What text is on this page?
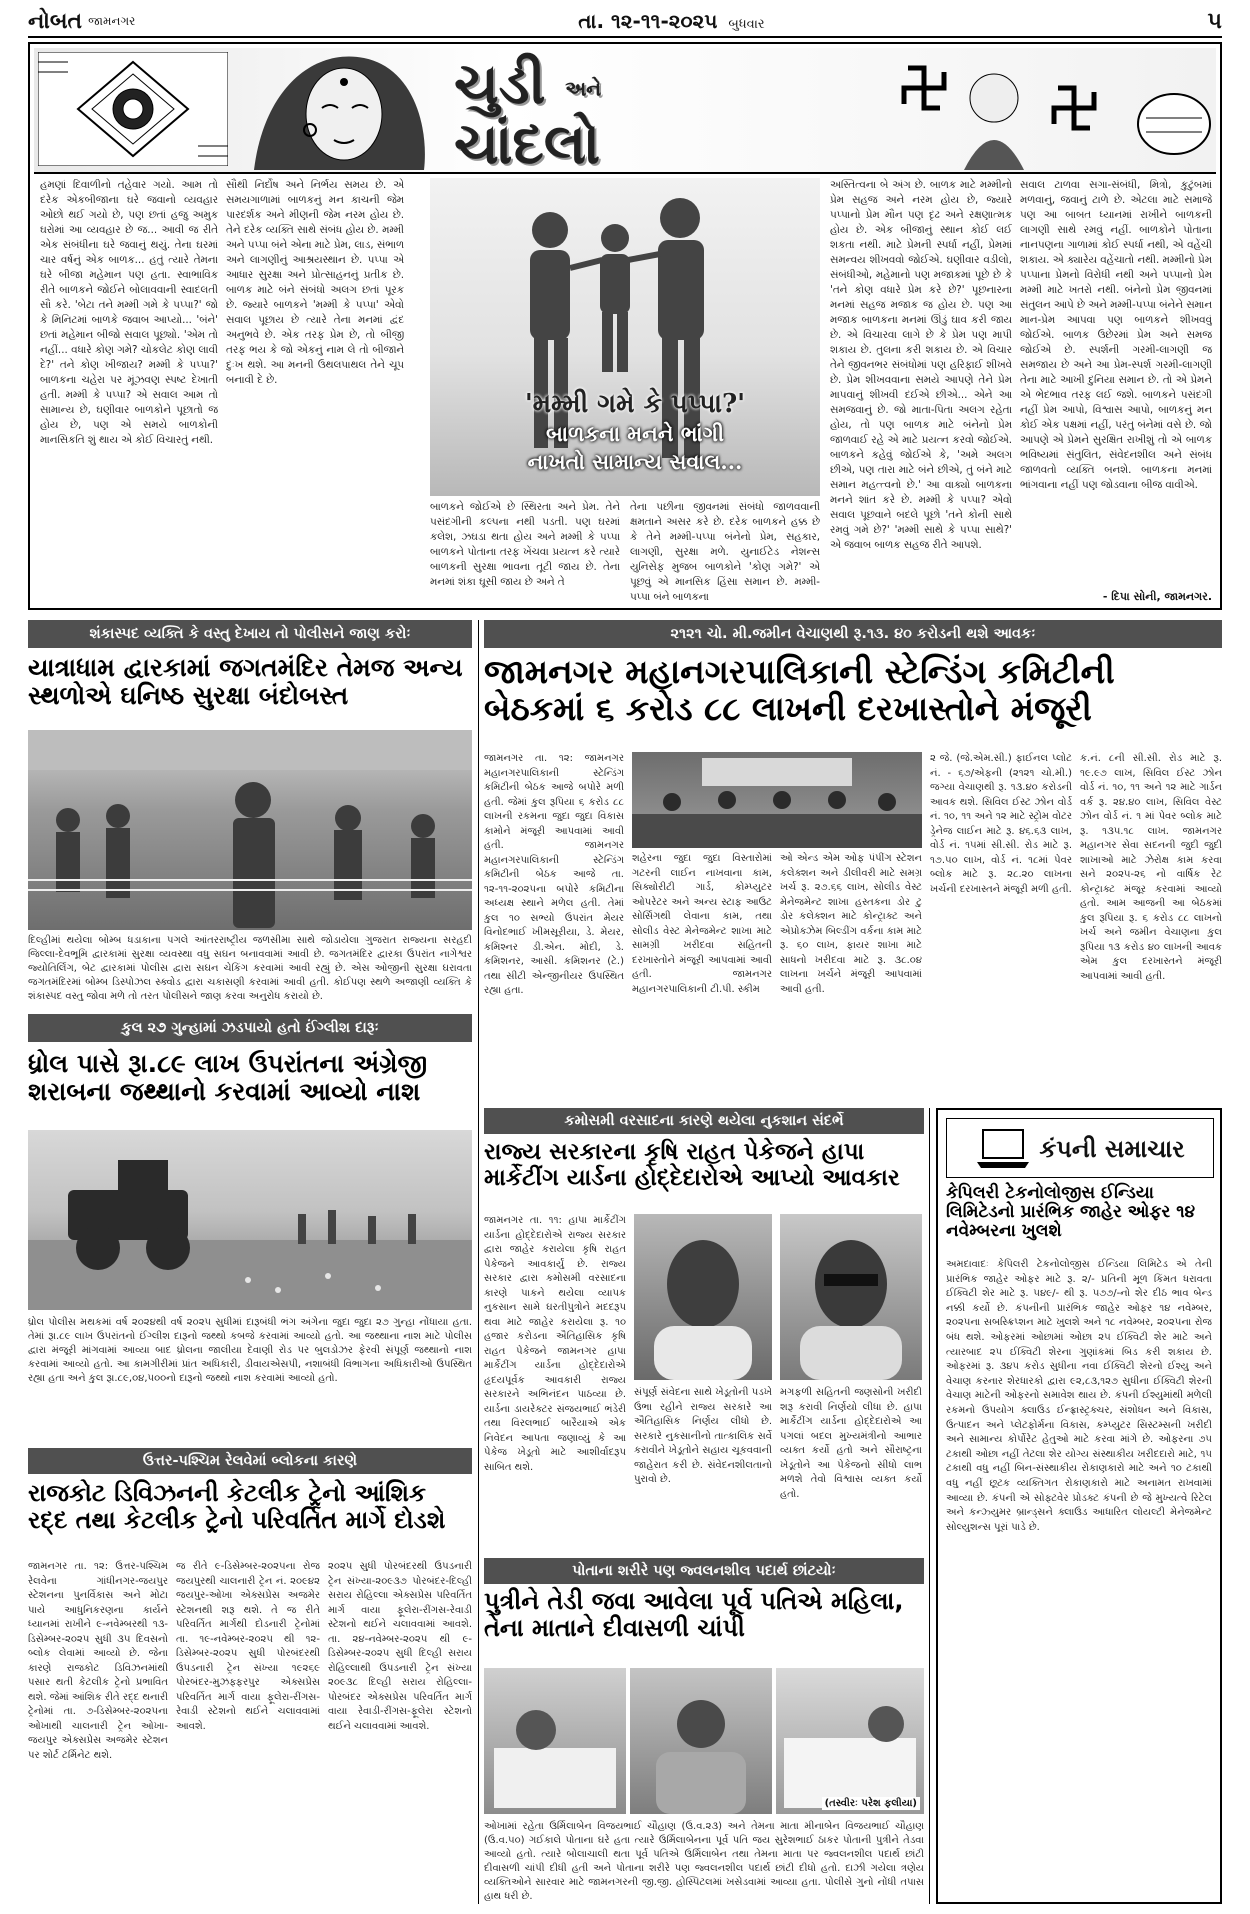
નોબત જામનગર	તા. ૧૨-૧૧-૨૦૨૫ બુધવાર	૫
ચુડી અને
ચાંદલો
હમણાં દિવાળીનો તહેવાર ગયો. આમ તો દરેક એકબીજાના ઘરે જવાનો વ્યવહાર ઓછો થઈ ગયો છે, પણ છતાં હજુ અમુક ઘરોમાં આ વ્યવહાર છે જ... આવી જ રીતે એક સંબંધીના ઘરે જવાનું થયું. તેના ઘરમાં ચાર વર્ષનું એક બાળક... હતું ત્યારે તેમના ઘરે બીજા મહેમાન પણ હતા. સ્વાભાવિક રીતે બાળકને જોઈને બોલાવવાની સ્વાદલતી સૌ કરે. 'બેટા તને મમ્મી ગમે કે પપ્પા?' જો કે મિનિટમાં બાળકે જવાબ આપ્યો... 'બંને' છતાં મહેમાન બીજો સવાલ પૂછ્યો. 'એમ તો નહીં... વધારે કોણ ગમે? ચોકલેટ કોણ લાવી દે?' તને કોણ ખીજાય? મમ્મી કે પપ્પા?' બાળકના ચહેરા પર મૂંઝવણ સ્પષ્ટ દેખાતી હતી. મમ્મી કે પપ્પા? એ સવાલ આમ તો સામાન્ય છે, ઘણીવાર બાળકોને પૂછાતો જ હોય છે, પણ એ સમયે બાળકોની માનસિકતિ શું થાય એ કોઈ વિચારતું નથી.
સૌથી નિર્દોષ અને નિર્ભય સમય છે. એ સમયગાળામાં બાળકનું મન કાચની જેમ પારદર્શક અને મીણની જેમ નરમ હોય છે. તેને દરેક વ્યક્તિ સાથે સંબંધ હોય છે. મમ્મી અને પપ્પા બંને એના માટે પ્રેમ, લાડ, સંભાળ અને લાગણીનું આશ્રયસ્થાન છે. પપ્પા એ આધાર સુરક્ષા અને પ્રોત્સાહનનું પ્રતીક છે. બાળક માટે બંને સંબંધો અલગ છતાં પૂરક છે. જ્યારે બાળકને 'મમ્મી કે પપ્પા' એવો સવાલ પૂછાય છે ત્યારે તેના મનમાં દ્વંદ અનુભવે છે. એક તરફ પ્રેમ છે, તો બીજી તરફ ભય કે જો એકનું નામ લે તો બીજાને દુઃખ થશે. આ મનની ઉથલપાથલ તેને ચૂપ બનાવી દે છે.
'મમ્મી ગમે કે પપ્પા?'
બાળકના મનને ભાંગી
નાખતો સામાન્ય સવાલ...
બાળકને જોઈએ છે સ્થિરતા અને પ્રેમ. તેને પસંદગીની કલ્પના નથી પડતી. પણ ઘરમાં કલેશ, ઝઘડા થતા હોય અને મમ્મી કે પપ્પા બાળકને પોતાના તરફ ખેંચવા પ્રયત્ન કરે ત્યારે બાળકની સુરક્ષા ભાવના તૂટી જાય છે. તેના મનમાં શંકા ઘૂસી જાય છે અને તે
તેના પછીના જીવનમાં સંબંધો જાળવવાની ક્ષમતાને અસર કરે છે. દરેક બાળકને હક્ક છે કે તેને મમ્મી-પપ્પા બંનેનો પ્રેમ, સહકાર, લાગણી, સુરક્ષા મળે. યુનાઈટેડ નેશન્સ યુનિસેફ મુજબ બાળકોને 'કોણ ગમે?' એ પૂછવું એ માનસિક હિંસા સમાન છે. મમ્મી-પપ્પા બંને બાળકના
અસ્તિત્વના બે અંગ છે. બાળક માટે મમ્મીનો પ્રેમ સહજ અને નરમ હોય છે, જ્યારે પપ્પાનો પ્રેમ મૌન પણ દૃઢ અને રક્ષણાત્મક હોય છે. એક બીજાનું સ્થાન કોઈ લઈ શકતા નથી. માટે પ્રેમની સ્પર્ધા નહીં, પ્રેમમાં સમન્વય શીખવવો જોઈએ. ઘણીવાર વડીલો, સંબંધીઓ, મહેમાનો પણ મજાકમાં પૂછે છે કે 'તને કોણ વધારે પ્રેમ કરે છે?' પૂછનારના મનમાં સહજ મજાક જ હોય છે. પણ આ મજાક બાળકના મનમાં ઊંડું ઘાવ કરી જાય છે. એ વિચારવા લાગે છે કે પ્રેમ પણ માપી શકાય છે. તુલના કરી શકાય છે. એ વિચાર તેને જીવનભર સંબંધોમાં પણ હરિફાઈ શીખવે છે. પ્રેમ શીખવવાના સમયે આપણે તેને પ્રેમ માપવાનું શીખવી દઈએ છીએ... એને આ સમજવાનું છે. જો માતા-પિતા અલગ રહેતા હોય, તો પણ બાળક માટે બંનેનો પ્રેમ જાળવાઈ રહે એ માટે પ્રયત્ન કરવો જોઈએ. બાળકને કહેવું જોઈએ કે, 'અમે અલગ છીએ, પણ તારા માટે બંને છીએ, તું બંને માટે સમાન મહત્ત્વનો છે.' આ વાક્યો બાળકના મનને શાંત કરે છે. મમ્મી કે પપ્પા? એવો સવાલ પૂછવાને બદલે પૂછો 'તને કોની સાથે રમવું ગમે છે?' 'મમ્મી સાથે કે પપ્પા સાથે?' એ જવાબ બાળક સહજ રીતે આપશે.
સવાલ ટાળવા સગા-સંબંધી, મિત્રો, કુટુંબમાં મળવાનું, જવાનું ટાળે છે. એટલા માટે સમાજે પણ આ બાબત ધ્યાનમાં રાખીને બાળકની લાગણી સાથે રમવું નહીં. બાળકોને પોતાના નાનપણના ગાળામાં કોઈ સ્પર્ધા નથી, એ વહેંચી શકાય. એ ક્યારેય વહેંચાતો નથી. મમ્મીનો પ્રેમ પપ્પાના પ્રેમનો વિરોધી નથી અને પપ્પાનો પ્રેમ મમ્મી માટે ખતરો નથી. બંનેનો પ્રેમ જીવનમાં સંતુલન આપે છે અને મમ્મી-પપ્પા બંનેને સમાન માન-પ્રેમ આપવા પણ બાળકને શીખવવું જોઈએ. બાળક ઉછેરમાં પ્રેમ અને સમજ જોઈએ છે. સ્પર્શની ગરમી-લાગણી જ સમજાય છે અને આ પ્રેમ-સ્પર્શ ગરમી-લાગણી તેના માટે આખી દુનિયા સમાન છે. તો એ પ્રેમને એ ભેદભાવ તરફ લઈ જશે. બાળકને પસંદગી નહીં પ્રેમ આપો, વિશ્વાસ આપો, બાળકનું મન કોઈ એક પક્ષમાં નહીં, પરંતુ બંનેમાં વસે છે. જો આપણે એ પ્રેમને સુરક્ષિત રાખીશું તો એ બાળક ભવિષ્યમાં સંતુલિત, સંવેદનશીલ અને સંબંધ જાળવતો વ્યક્તિ બનશે. બાળકના મનમાં ભાંગવાના નહીં પણ જોડવાના બીજ વાવીએ.
- દિપા સોની, જામનગર.
શંકાસ્પદ વ્યક્તિ કે વસ્તુ દેખાય તો પોલીસને જાણ કરોઃ
યાત્રાધામ દ્વારકામાં જગતમંદિર તેમજ અન્ય સ્થળોએ ઘનિષ્ઠ સુરક્ષા બંદોબસ્ત
દિલ્હીમાં થયેલા બોમ્બ ધડાકાના પગલે આંતરરાષ્ટ્રીય જળસીમા સાથે જોડાયેલા ગુજરાત રાજ્યના સરહદી જિલ્લા-દેવભૂમિ દ્વારકામાં સુરક્ષા વ્યવસ્થા વધુ સઘન બનાવવામાં આવી છે. જગતમંદિર દ્વારકા ઉપરાંત નાગેશ્વર જ્યોતિર્લિંગ, બેટ દ્વારકામાં પોલીસ દ્વારા સઘન ચેકિંગ કરવામાં આવી રહ્યું છે. એસ ઓજીની સુરક્ષા ઘરાવતા જગતમંદિરમાં બોમ્બ ડિસ્પોઝલ સ્ક્વોડ દ્વારા ચકાસણી કરવામાં આવી હતી. કોઈપણ સ્થળે અજાણી વ્યક્તિ કે શંકાસ્પદ વસ્તુ જોવા મળે તો તરત પોલીસને જાણ કરવા અનુરોધ કરાયો છે.
કુલ ૨૭ ગુન્હામાં ઝડપાયો હતો ઈંગ્લીશ દારૂઃ
ધ્રોલ પાસે રૂા.૮૯ લાખ ઉપરાંતના અંગ્રેજી શરાબના જથ્થાનો કરવામાં આવ્યો નાશ
ધ્રોલ પોલીસ મથકમાં વર્ષ ૨૦૨૪થી વર્ષ ૨૦૨૫ સુધીમાં દારૂબંધી ભંગ અંગેના જુદા જુદા ૨૭ ગુન્હા નોંધાયા હતા. તેમાં રૂા.૮૯ લાખ ઉપરાંતનો ઈંગ્લીશ દારૂનો જથ્થો કબજે કરવામાં આવ્યો હતો. આ જથ્થાના નાશ માટે પોલીસ દ્વારા મંજૂરી માંગવામાં આવ્યા બાદ ધ્રોલના જાલીયા દેવાણી રોડ પર બુલડોઝર ફેરવી સંપૂર્ણ જથ્થાનો નાશ કરવામાં આવ્યો હતો. આ કામગીરીમાં પ્રાંત અધિકારી, ડીવાયએસપી, નશાબંધી વિભાગના અધિકારીઓ ઉપસ્થિત રહ્યા હતા અને કુલ રૂા.૮૯,૦૪,૫૦૦નો દારૂનો જથ્થો નાશ કરવામાં આવ્યો હતો.
ઉત્તર-પશ્ચિમ રેલવેમાં બ્લોકના કારણે
રાજકોટ ડિવિઝનની કેટલીક ટ્રેનો આંશિક રદ્દ તથા કેટલીક ટ્રેનો પરિવર્તિત માર્ગે દોડશે
જામનગર તા. ૧૨: ઉત્તર-પશ્ચિમ રેલવેના ગાંધીનગર-જયપુર સ્ટેશનના પુનર્વિકાસ અને મોટા પાયે આધુનિકરણના કાર્યને ધ્યાનમાં રાખીને ૯-નવેમ્બરથી ૧૩-ડિસેમ્બર-૨૦૨૫ સુધી ૩૫ દિવસનો બ્લોક લેવામાં આવ્યો છે. જેના કારણે રાજકોટ ડિવિઝનમાંથી પસાર થતી કેટલીક ટ્રેનો પ્રભાવિત થશે. જેમાં આંશિક રીતે રદ્દ થનારી ટ્રેનોમાં તા. ૭-ડિસેમ્બર-૨૦૨૫ના ઓખાથી ચાલનારી ટ્રેન ઓખા-જયપુર એક્સપ્રેસ અજમેર સ્ટેશન પર શોર્ટ ટર્મિનેટ થશે.
જ રીતે ૯-ડિસેમ્બર-૨૦૨૫ના રોજ જયપુરથી ચાલનારી ટ્રેન નં. ૨૦૯૪૨ જયપુર-ઓખા એક્સપ્રેસ અજમેર સ્ટેશનથી શરૂ થશે. તે જ રીતે પરિવર્તિત માર્ગથી દોડનારી ટ્રેનોમાં તા. ૧૯-નવેમ્બર-૨૦૨૫ થી ૧૨-ડિસેમ્બર-૨૦૨૫ સુધી પોરબંદરથી ઉપડનારી ટ્રેન સંખ્યા ૧૯૨૬૯ પોરબંદર-મુઝફ્ફરપુર એક્સપ્રેસ પરિવર્તિત માર્ગ વાયા ફૂલેરા-રીંગસ-રેવાડી સ્ટેશનો થઈને ચલાવવામાં આવશે.
૨૦૨૫ સુધી પોરબંદરથી ઉપડનારી ટ્રેન સંખ્યા-૨૦૯૩૭ પોરબંદર-દિલ્હી સરાય રોહિલ્લા એક્સપ્રેસ પરિવર્તિત માર્ગ વાયા ફૂલેરા-રીંગસ-રેવાડી સ્ટેશનો થઈને ચલાવવામાં આવશે. તા. ૨૪-નવેમ્બર-૨૦૨૫ થી ૯-ડિસેમ્બર-૨૦૨૫ સુધી દિલ્હી સરાય રોહિલ્લાથી ઉપડનારી ટ્રેન સંખ્યા ૨૦૯૩૮ દિલ્હી સરાય રોહિલ્લા-પોરબંદર એક્સપ્રેસ પરિવર્તિત માર્ગ વાયા રેવાડી-રીંગસ-ફૂલેરા સ્ટેશનો થઈને ચલાવવામાં આવશે.
૨૧૨૧ ચો. મી.જમીન વેચાણથી રૂ.૧૩. ૪૦ કરોડની થશે આવકઃ
જામનગર મહાનગરપાલિકાની સ્ટેન્ડિંગ કમિટીની બેઠકમાં ૬ કરોડ ૮૮ લાખની દરખાસ્તોને મંજૂરી
જામનગર તા. ૧૨: જામનગર મહાનગરપાલિકાની સ્ટેન્ડિંગ કમિટીની બેઠક આજે બપોરે મળી હતી. જેમાં કુલ રૂપિયા ૬ કરોડ ૮૮ લાખની રકમના જુદા જુદા વિકાસ કામોને મંજૂરી આપવામાં આવી હતી. જામનગર મહાનગરપાલિકાની સ્ટેન્ડિંગ કમિટીની બેઠક આજે તા. ૧૨-૧૧-૨૦૨૫ના બપોરે કમિટીના અધ્યક્ષ સ્થાને મળેલ હતી. તેમાં કુલ ૧૦ સભ્યો ઉપરાંત મેયર વિનોદભાઈ ખીમસૂરીયા, ડે. મેયર, કમિશ્નર ડી.એન. મોદી, ડે. કમિશનર, આસી. કમિશનર (ટે.) તથા સીટી એન્જીનીયર ઉપસ્થિત રહ્યા હતા.
શહેરના જુદા જુદા વિસ્તારોમાં ગટરની લાઈન નાખવાના કામ, સિક્યોરીટી ગાર્ડ, કોમ્પ્યુટર ઓપરેટર અને અન્ય સ્ટાફ આઉટ સોર્સિંગથી લેવાના કામ, તથા સોલીડ વેસ્ટ મેનેજમેન્ટ શાખા માટે સામગ્રી ખરીદવા સહિતની દરખાસ્તોને મંજૂરી આપવામાં આવી હતી. જામનગર મહાનગરપાલિકાની ટી.પી. સ્કીમ
ઓ એન્ડ એમ ઓફ પંપીંગ સ્ટેશન કલેક્શન અને ડીલીવરી માટે સમગ્ર ખર્ચ રૂ. ૨૭.૬૬ લાખ, સોલીડ વેસ્ટ મેનેજમેન્ટ શાખા હસ્તકના ડોર ટુ ડોર કલેક્શન માટે કોન્ટ્રાક્ટ અને એપ્રોક્ઝેમ બિલ્ડીંગ વર્કના કામ માટે રૂ. ૬૦ લાખ, ફાયર શાખા માટે સાધનો ખરીદવા માટે રૂ. ૩૮.૦૪ લાખના ખર્ચને મંજૂરી આપવામાં આવી હતી.
૨ જે. (જે.એમ.સી.) ફાઈનલ પ્લોટ નં. - ૬૭/એફની (૨૧૨૧ ચો.મી.) જગ્યા વેચાણથી રૂ. ૧૩.૪૦ કરોડની આવક થશે. સિવિલ ઈસ્ટ ઝોન વોર્ડ નં. ૧૦, ૧૧ અને ૧૨ માટે સ્ટ્રોમ વોટર ડ્રેનેજ લાઈન માટે રૂ. ૪૬.૬૩ લાખ, વોર્ડ નં. ૧૫માં સી.સી. રોડ માટે રૂ. ૧૭.૫૦ લાખ, વોર્ડ નં. ૧૮માં પેવર બ્લોક માટે રૂ. ૨૮.૨૦ લાખના ખર્ચની દરખાસ્તને મંજૂરી મળી હતી.
ક.નં. ૮ની સી.સી. રોડ માટે રૂ. ૧૯.૯૭ લાખ, સિવિલ ઈસ્ટ ઝોન વોર્ડ નં. ૧૦, ૧૧ અને ૧૨ માટે ગાર્ડન વર્ક રૂ. ૨૪.૪૦ લાખ, સિવિલ વેસ્ટ ઝોન વોર્ડ નં. ૧ માં પેવર બ્લોક માટે રૂ. ૧૩૫.૧૮ લાખ. જામનગર મહાનગર સેવા સદનની જુદી જુદી શાખાઓ માટે ઝેરોક્ષ કામ કરવા સને ૨૦૨૫-૨૬ નો વાર્ષિક રેટ કોન્ટ્રાક્ટ મંજૂર કરવામાં આવ્યો હતો. આમ આજની આ બેઠકમાં કુલ રૂપિયા રૂ. ૬ કરોડ ૮૮ લાખનો ખર્ચ અને જમીન વેચાણના કુલ રૂપિયા ૧૩ કરોડ ૪૦ લાખની આવક એમ કુલ દરખાસ્તને મંજૂરી આપવામાં આવી હતી.
કમોસમી વરસાદના કારણે થયેલા નુકશાન સંદર્ભે
રાજ્ય સરકારના કૃષિ રાહત પેકેજને હાપા માર્કેટીંગ યાર્ડના હોદ્દેદારોએ આપ્યો આવકાર
જામનગર તા. ૧૧: હાપા માર્કેટીંગ યાર્ડના હોદ્દેદારોએ રાજ્ય સરકાર દ્વારા જાહેર કરાયેલા કૃષિ રાહત પેકેજને આવકાર્યું છે. રાજ્ય સરકાર દ્વારા કમોસમી વરસાદના કારણે પાકને થયેલા વ્યાપક નુકસાન સામે ઘરતીપુત્રોને મદદરૂપ થવા માટે જાહેર કરાયેલા રૂ. ૧૦ હજાર કરોડના ઐતિહાસિક કૃષિ રાહત પેકેજને જામનગર હાપા માર્કેટીંગ યાર્ડના હોદ્દેદારોએ હૃદયપૂર્વક આવકારી રાજ્ય સરકારને અભિનંદન પાઠવ્યા છે. યાર્ડના ડાયરેક્ટર સંજયભાઈ ભંડેરી તથા વિરલભાઈ બારૈયાએ એક નિવેદન આપતા જણાવ્યું કે આ પેકેજ ખેડૂતો માટે આશીર્વાદરૂપ સાબિત થશે.
સંપૂર્ણ સંવેદના સાથે ખેડૂતોની પડખે ઉભા રહીને રાજ્ય સરકારે આ ઐતિહાસિક નિર્ણય લીધો છે. સરકારે નુકસાનીનો તાત્કાલિક સર્વે કરાવીને ખેડૂતોને સહાય ચૂકવવાની જાહેરાત કરી છે. સંવેદનશીલતાનો પુરાવો છે.
મગફળી સહિતની જણસોની ખરીદી શરૂ કરાવી નિર્ણયો લીધા છે. હાપા માર્કેટીંગ યાર્ડના હોદ્દેદારોએ આ પગલાં બદલ મુખ્યમંત્રીનો આભાર વ્યક્ત કર્યો હતો અને સૌરાષ્ટ્રના ખેડૂતોને આ પેકેજનો સીધો લાભ મળશે તેવો વિશ્વાસ વ્યક્ત કર્યો હતો.
કંપની સમાચાર
કેપિલરી ટેકનોલોજીસ ઈન્ડિયા લિમિટેડનો પ્રારંભિક જાહેર ઓફર ૧૪ નવેમ્બરના ખુલશે
અમદાવાદઃ કેપિલરી ટેકનોલોજીસ ઈન્ડિયા લિમિટેડ એ તેની પ્રારંભિક જાહેર ઓફર માટે રૂ. ૨/- પ્રતિની મૂળ કિંમત ધરાવતા ઈક્વિટી શેર માટે રૂ. ૫૪૯/- થી રૂ. ૫૭૭/-નો શેર દીઠ ભાવ બેન્ડ નક્કી કર્યો છે. કંપનીની પ્રારંભિક જાહેર ઓફર ૧૪ નવેમ્બર, ૨૦૨૫ના સબસ્ક્રિપ્શન માટે ખુલશે અને ૧૮ નવેમ્બર, ૨૦૨૫ના રોજ બંધ થશે. ઓફરમાં ઓછામાં ઓછા ૨૫ ઈક્વિટી શેર માટે અને ત્યારબાદ ૨૫ ઈક્વિટી શેરના ગુણાંકમાં બિડ કરી શકાય છે. ઓફરમાં રૂ. ૩૪૫ કરોડ સુધીના નવા ઈક્વિટી શેરનો ઈશ્યુ અને વેચાણ કરનાર શેરધારકો દ્વારા ૯૨,૮૩,૧૨૭ સુધીના ઈક્વિટી શેરની વેચાણ માટેની ઓફરનો સમાવેશ થાય છે. કંપની ઈશ્યુમાંથી મળેલી રકમનો ઉપયોગ ક્લાઉડ ઈન્ફ્રાસ્ટ્રક્ચર, સંશોધન અને વિકાસ, ઉત્પાદન અને પ્લેટફોર્મના વિકાસ, કમ્પ્યુટર સિસ્ટમ્સની ખરીદી અને સામાન્ય કોર્પોરેટ હેતુઓ માટે કરવા માંગે છે. ઓફરના ૭૫ ટકાથી ઓછા નહીં તેટલા શેર યોગ્ય સંસ્થાકીય ખરીદદારો માટે, ૧૫ ટકાથી વધુ નહીં બિન-સંસ્થાકીય રોકાણકારો માટે અને ૧૦ ટકાથી વધુ નહીં છૂટક વ્યક્તિગત રોકાણકારો માટે અનામત રાખવામાં આવ્યા છે. કંપની એ સોફ્ટવેર પ્રોડક્ટ કંપની છે જે મુખ્યત્વે રિટેલ અને કન્ઝ્યુમર બ્રાન્ડ્સને ક્લાઉડ આધારિત લોયલ્ટી મેનેજમેન્ટ સોલ્યુશન્સ પૂરાં પાડે છે.
પોતાના શરીરે પણ જ્વલનશીલ પદાર્થ છાંટયોઃ
પુત્રીને તેડી જવા આવેલા પૂર્વ પતિએ મહિલા, તેના માતાને દીવાસળી ચાંપી
(તસ્વીરઃ પરેશ ફલીયા)
ઓખામાં રહેતા ઉર્મિલાબેન વિજયભાઈ ચૌહાણ (ઉ.વ.૨૩) અને તેમના માતા મીનાબેન વિજયભાઈ ચૌહાણ (ઉ.વ.૫૦) ગઈકાલે પોતાના ઘરે હતા ત્યારે ઉર્મિલાબેનના પૂર્વ પતિ જય સુરેશભાઈ ઠાકર પોતાની પુત્રીને તેડવા આવ્યો હતો. ત્યારે બોલાચાલી થતા પૂર્વ પતિએ ઉર્મિલાબેન તથા તેમના માતા પર જ્વલનશીલ પદાર્થ છાંટી દીવાસળી ચાંપી દીધી હતી અને પોતાના શરીરે પણ જ્વલનશીલ પદાર્થ છાંટી દીધો હતો. દાઝી ગયેલા ત્રણેય વ્યક્તિઓને સારવાર માટે જામનગરની જી.જી. હોસ્પિટલમાં ખસેડવામાં આવ્યા હતા. પોલીસે ગુનો નોંધી તપાસ હાથ ધરી છે.
